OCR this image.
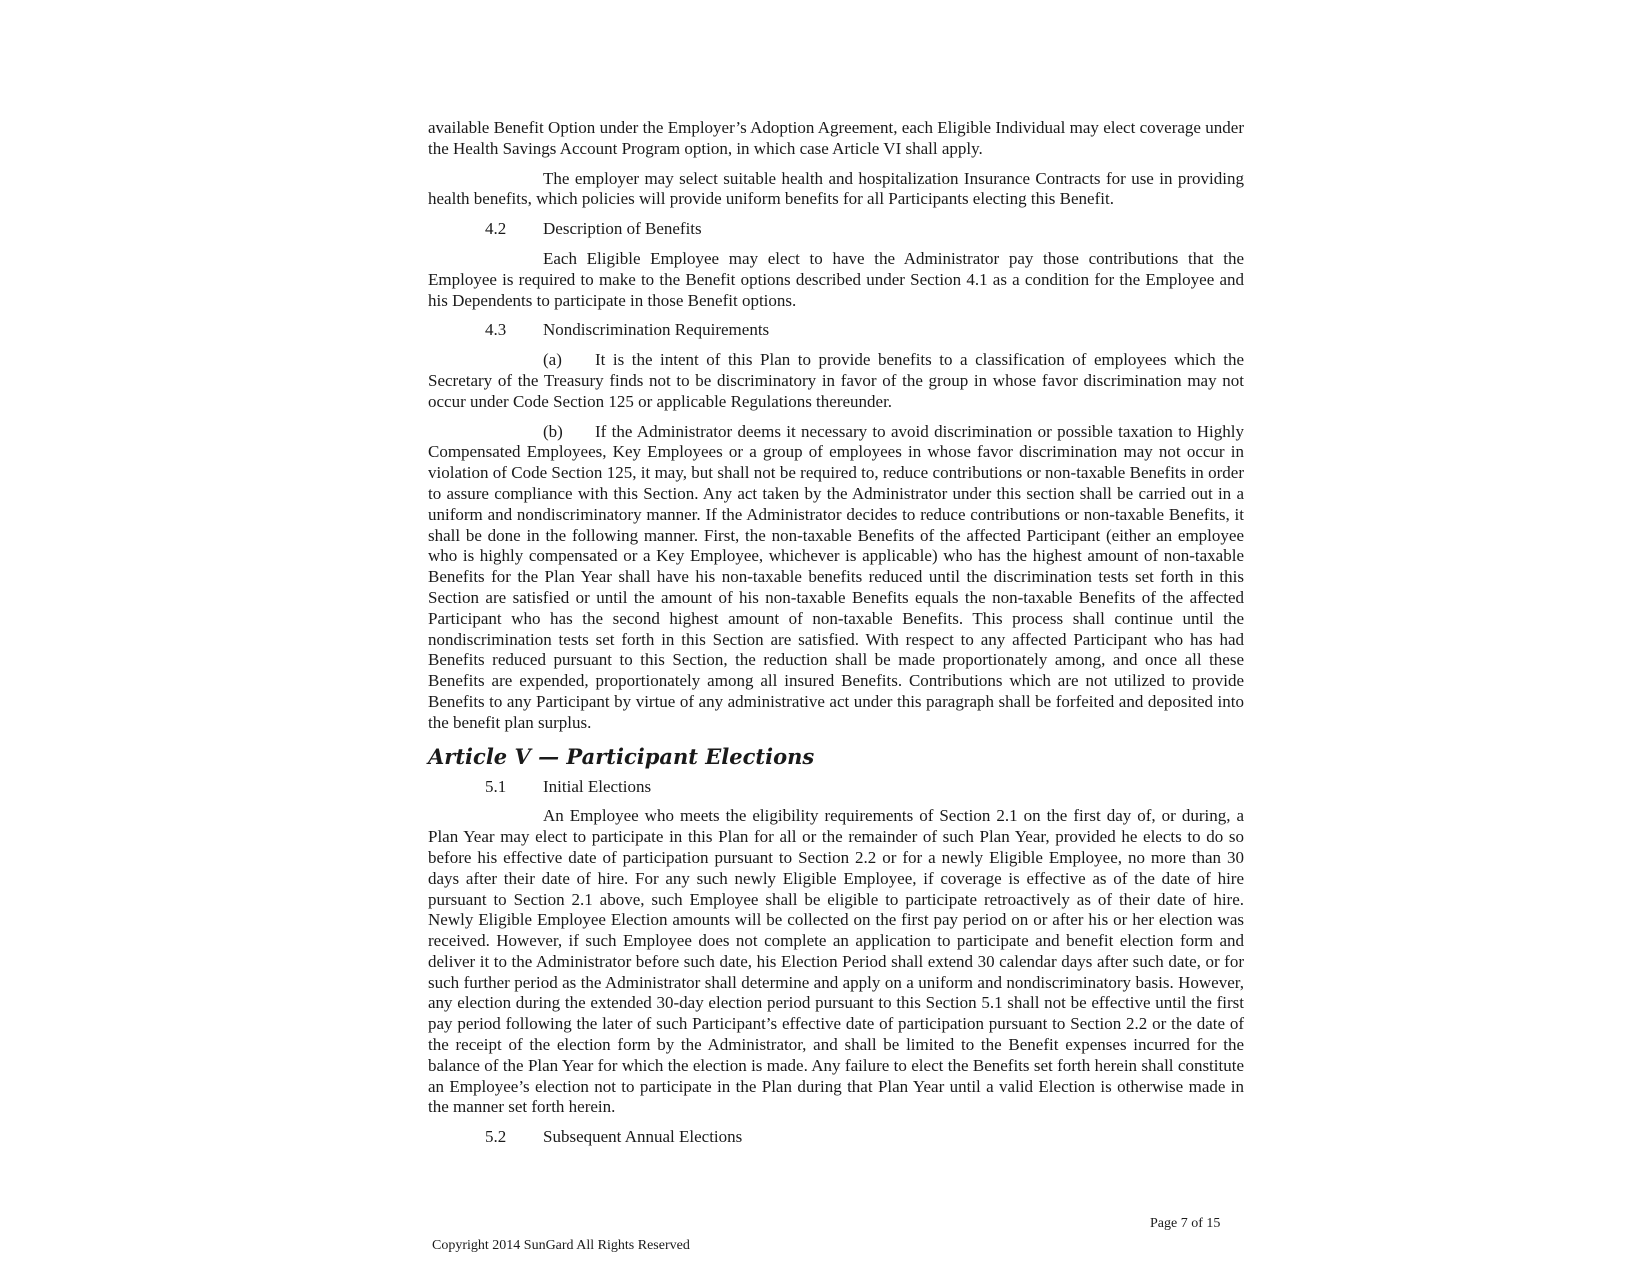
available Benefit Option under the Employer’s Adoption Agreement, each Eligible Individual may elect coverage under the Health Savings Account Program option, in which case Article VI shall apply.

The employer may select suitable health and hospitalization Insurance Contracts for use in providing health benefits, which policies will provide uniform benefits for all Participants electing this Benefit.

4.2 Description of Benefits

Each Eligible Employee may elect to have the Administrator pay those contributions that the Employee is required to make to the Benefit options described under Section 4.1 as a condition for the Employee and his Dependents to participate in those Benefit options.

4.3 Nondiscrimination Requirements

(a) It is the intent of this Plan to provide benefits to a classification of employees which the Secretary of the Treasury finds not to be discriminatory in favor of the group in whose favor discrimination may not occur under Code Section 125 or applicable Regulations thereunder.

(b) If the Administrator deems it necessary to avoid discrimination or possible taxation to Highly Compensated Employees, Key Employees or a group of employees in whose favor discrimination may not occur in violation of Code Section 125, it may, but shall not be required to, reduce contributions or non-taxable Benefits in order to assure compliance with this Section. Any act taken by the Administrator under this section shall be carried out in a uniform and nondiscriminatory manner. If the Administrator decides to reduce contributions or non-taxable Benefits, it shall be done in the following manner. First, the non-taxable Benefits of the affected Participant (either an employee who is highly compensated or a Key Employee, whichever is applicable) who has the highest amount of non-taxable Benefits for the Plan Year shall have his non-taxable benefits reduced until the discrimination tests set forth in this Section are satisfied or until the amount of his non-taxable Benefits equals the non-taxable Benefits of the affected Participant who has the second highest amount of non-taxable Benefits. This process shall continue until the nondiscrimination tests set forth in this Section are satisfied. With respect to any affected Participant who has had Benefits reduced pursuant to this Section, the reduction shall be made proportionately among, and once all these Benefits are expended, proportionately among all insured Benefits. Contributions which are not utilized to provide Benefits to any Participant by virtue of any administrative act under this paragraph shall be forfeited and deposited into the benefit plan surplus.

Article V — Participant Elections
5.1 Initial Elections

An Employee who meets the eligibility requirements of Section 2.1 on the first day of, or during, a Plan Year may elect to participate in this Plan for all or the remainder of such Plan Year, provided he elects to do so before his effective date of participation pursuant to Section 2.2 or for a newly Eligible Employee, no more than 30 days after their date of hire. For any such newly Eligible Employee, if coverage is effective as of the date of hire pursuant to Section 2.1 above, such Employee shall be eligible to participate retroactively as of their date of hire. Newly Eligible Employee Election amounts will be collected on the first pay period on or after his or her election was received. However, if such Employee does not complete an application to participate and benefit election form and deliver it to the Administrator before such date, his Election Period shall extend 30 calendar days after such date, or for such further period as the Administrator shall determine and apply on a uniform and nondiscriminatory basis. However, any election during the extended 30-day election period pursuant to this Section 5.1 shall not be effective until the first pay period following the later of such Participant’s effective date of participation pursuant to Section 2.2 or the date of the receipt of the election form by the Administrator, and shall be limited to the Benefit expenses incurred for the balance of the Plan Year for which the election is made. Any failure to elect the Benefits set forth herein shall constitute an Employee’s election not to participate in the Plan during that Plan Year until a valid Election is otherwise made in the manner set forth herein.

5.2 Subsequent Annual Elections
Page 7 of 15
Copyright 2014 SunGard All Rights Reserved
